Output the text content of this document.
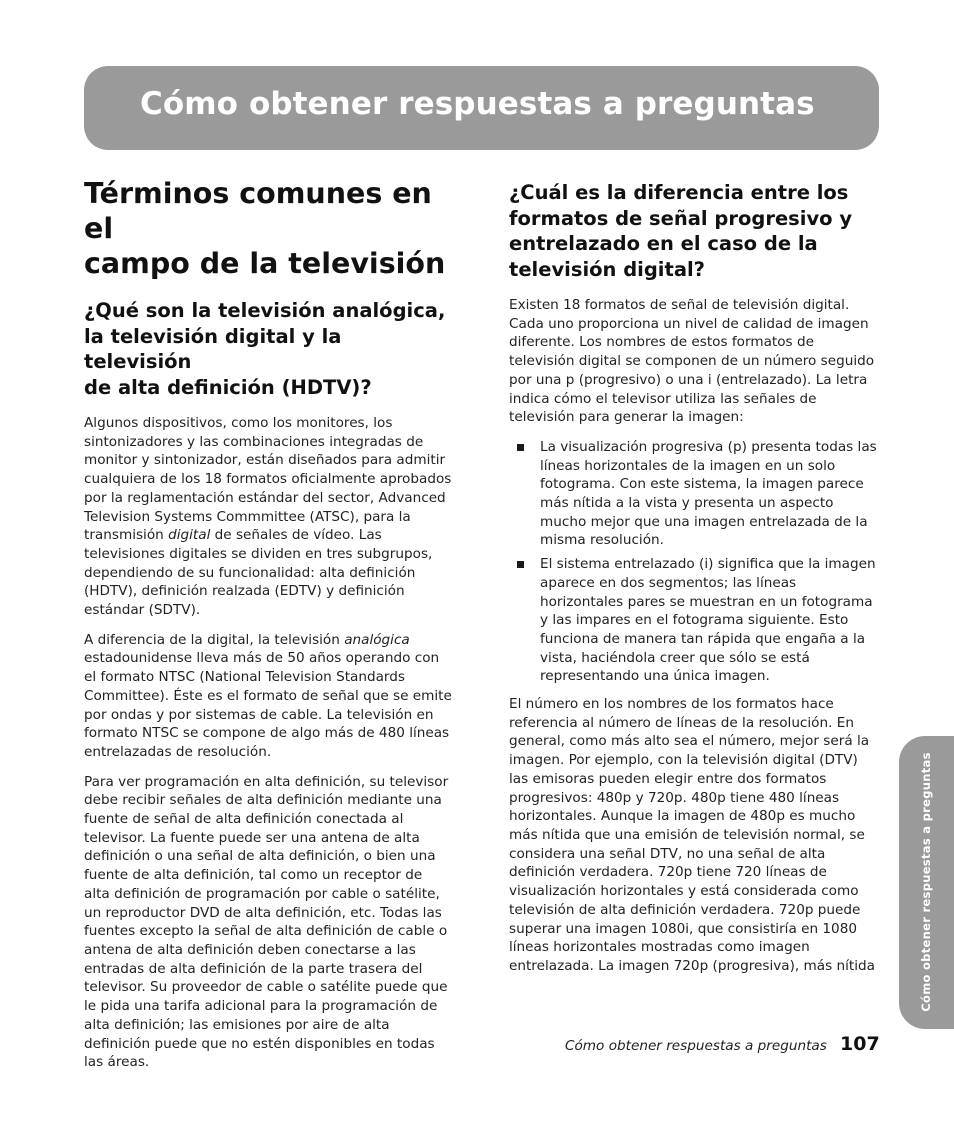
Cómo obtener respuestas a preguntas
Términos comunes en el
campo de la televisión
¿Qué son la televisión analógica,
la televisión digital y la televisión
de alta definición (HDTV)?

Algunos dispositivos, como los monitores, los sintonizadores y las combinaciones integradas de monitor y sintonizador, están diseñados para admitir cualquiera de los 18 formatos oficialmente aprobados por la reglamentación estándar del sector, Advanced Television Systems Commmittee (ATSC), para la transmisión digital de señales de vídeo. Las televisiones digitales se dividen en tres subgrupos, dependiendo de su funcionalidad: alta definición (HDTV), definición realzada (EDTV) y definición estándar (SDTV).

A diferencia de la digital, la televisión analógica estadounidense lleva más de 50 años operando con el formato NTSC (National Television Standards Committee). Éste es el formato de señal que se emite por ondas y por sistemas de cable. La televisión en formato NTSC se compone de algo más de 480 líneas entrelazadas de resolución.

Para ver programación en alta definición, su televisor debe recibir señales de alta definición mediante una fuente de señal de alta definición conectada al televisor. La fuente puede ser una antena de alta definición o una señal de alta definición, o bien una fuente de alta definición, tal como un receptor de alta definición de programación por cable o satélite, un reproductor DVD de alta definición, etc. Todas las fuentes excepto la señal de alta definición de cable o antena de alta definición deben conectarse a las entradas de alta definición de la parte trasera del televisor. Su proveedor de cable o satélite puede que le pida una tarifa adicional para la programación de alta definición; las emisiones por aire de alta definición puede que no estén disponibles en todas las áreas.

¿Cuál es la diferencia entre los
formatos de señal progresivo y
entrelazado en el caso de la
televisión digital?

Existen 18 formatos de señal de televisión digital. Cada uno proporciona un nivel de calidad de imagen diferente. Los nombres de estos formatos de televisión digital se componen de un número seguido por una p (progresivo) o una i (entrelazado). La letra indica cómo el televisor utiliza las señales de televisión para generar la imagen:

La visualización progresiva (p) presenta todas las líneas horizontales de la imagen en un solo fotograma. Con este sistema, la imagen parece más nítida a la vista y presenta un aspecto mucho mejor que una imagen entrelazada de la misma resolución.
El sistema entrelazado (i) significa que la imagen aparece en dos segmentos; las líneas horizontales pares se muestran en un fotograma y las impares en el fotograma siguiente. Esto funciona de manera tan rápida que engaña a la vista, haciéndola creer que sólo se está representando una única imagen.

El número en los nombres de los formatos hace referencia al número de líneas de la resolución. En general, como más alto sea el número, mejor será la imagen. Por ejemplo, con la televisión digital (DTV) las emisoras pueden elegir entre dos formatos progresivos: 480p y 720p. 480p tiene 480 líneas horizontales. Aunque la imagen de 480p es mucho más nítida que una emisión de televisión normal, se considera una señal DTV, no una señal de alta definición verdadera. 720p tiene 720 líneas de visualización horizontales y está considerada como televisión de alta definición verdadera. 720p puede superar una imagen 1080i, que consistiría en 1080 líneas horizontales mostradas como imagen entrelazada. La imagen 720p (progresiva), más nítida	Cómo obtener respuestas a preguntas
Cómo obtener respuestas a preguntas 107
